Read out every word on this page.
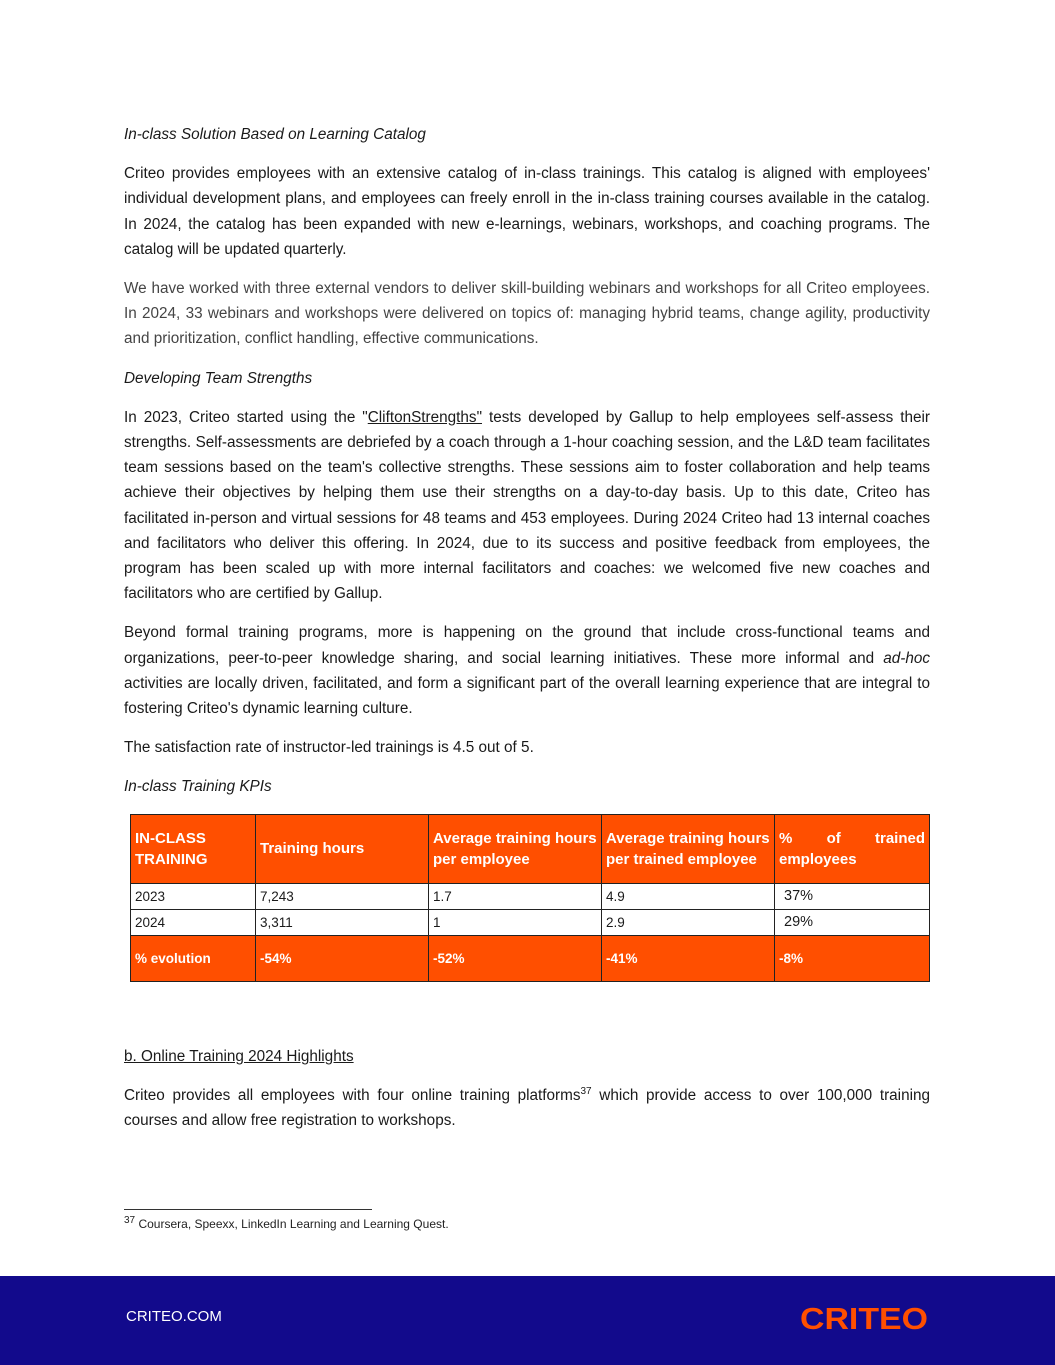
In-class Solution Based on Learning Catalog

Criteo provides employees with an extensive catalog of in-class trainings. This catalog is aligned with employees' individual development plans, and employees can freely enroll in the in-class training courses available in the catalog. In 2024, the catalog has been expanded with new e-learnings, webinars, workshops, and coaching programs. The catalog will be updated quarterly.

We have worked with three external vendors to deliver skill-building webinars and workshops for all Criteo employees. In 2024, 33 webinars and workshops were delivered on topics of: managing hybrid teams, change agility, productivity and prioritization, conflict handling, effective communications.

Developing Team Strengths

In 2023, Criteo started using the "CliftonStrengths" tests developed by Gallup to help employees self-assess their strengths. Self-assessments are debriefed by a coach through a 1-hour coaching session, and the L&D team facilitates team sessions based on the team's collective strengths. These sessions aim to foster collaboration and help teams achieve their objectives by helping them use their strengths on a day-to-day basis. Up to this date, Criteo has facilitated in-person and virtual sessions for 48 teams and 453 employees. During 2024 Criteo had 13 internal coaches and facilitators who deliver this offering. In 2024, due to its success and positive feedback from employees, the program has been scaled up with more internal facilitators and coaches: we welcomed five new coaches and facilitators who are certified by Gallup.

Beyond formal training programs, more is happening on the ground that include cross-functional teams and organizations, peer-to-peer knowledge sharing, and social learning initiatives. These more informal and ad-hoc activities are locally driven, facilitated, and form a significant part of the overall learning experience that are integral to fostering Criteo's dynamic learning culture.

The satisfaction rate of instructor-led trainings is 4.5 out of 5.

In-class Training KPIs

IN-CLASS TRAINING	Training hours	Average training hours per employee	Average training hours per trained employee	% of trained employees
2023	7,243	1.7	4.9	37%
2024	3,311	1	2.9	29%
% evolution	-54%	-52%	-41%	-8%

b. Online Training 2024 Highlights

Criteo provides all employees with four online training platforms$^{37}$ which provide access to over 100,000 training courses and allow free registration to workshops.

$^{37}$ Coursera, Speexx, LinkedIn Learning and Learning Quest.
CRITEO.COM	CRITEO
